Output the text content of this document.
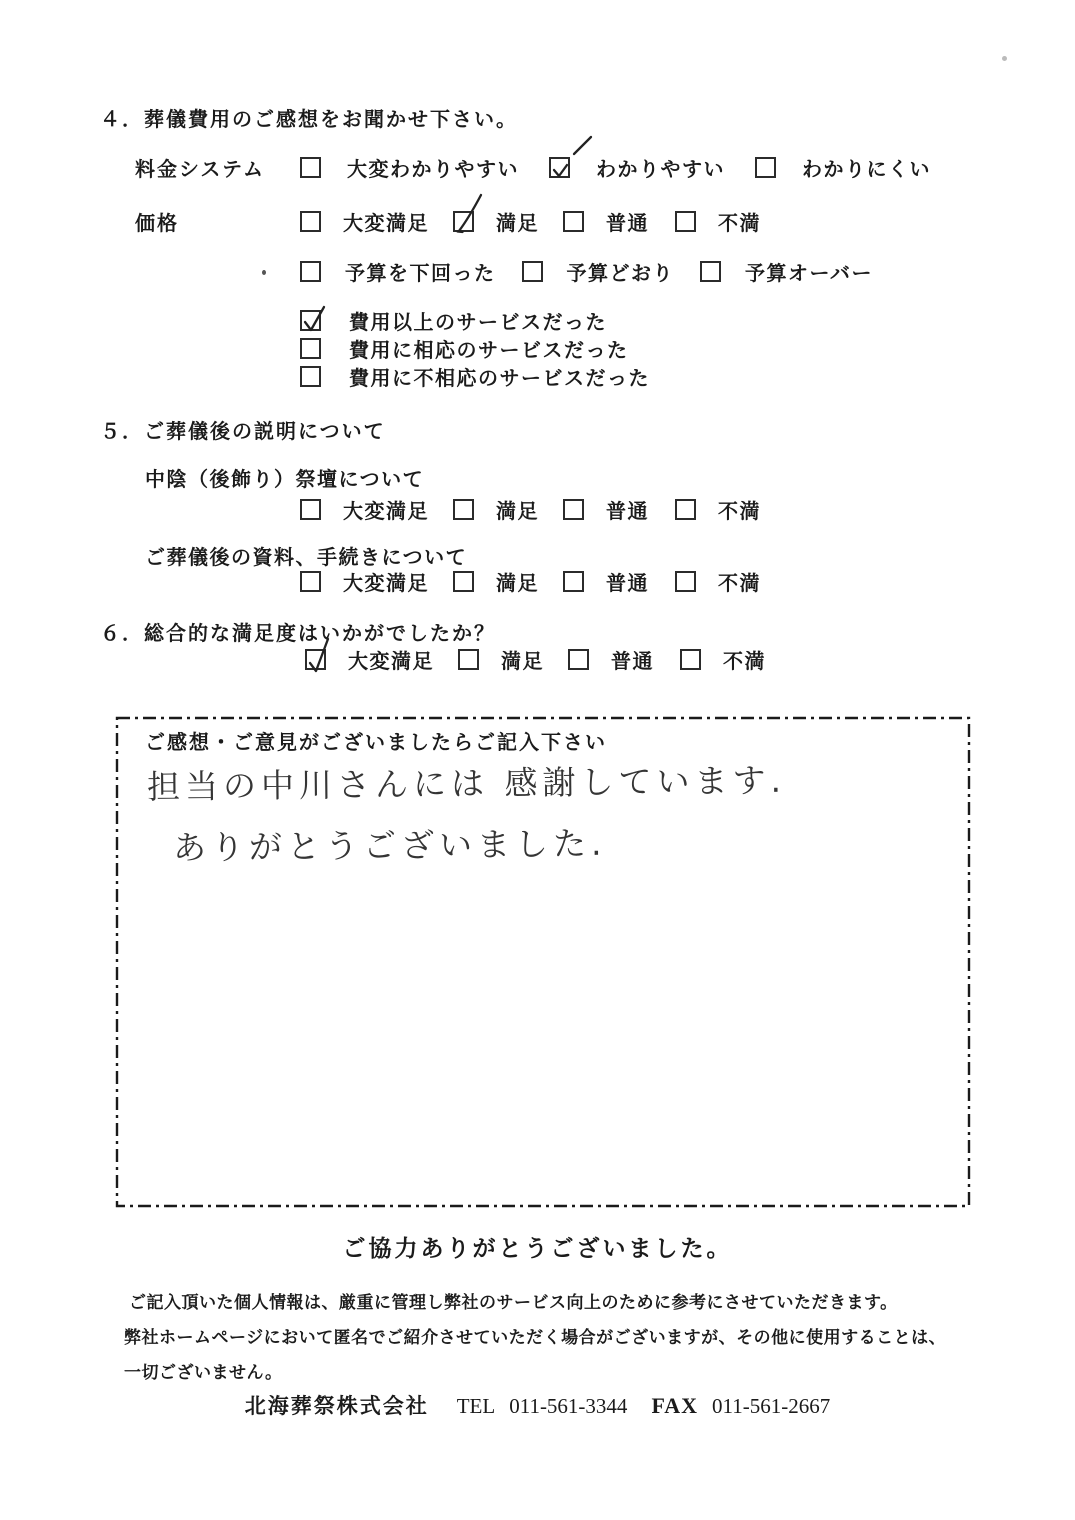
４．葬儀費用のご感想をお聞かせ下さい。
料金システム	大変わかりやすい	わかりやすい	わかりにくい
価格	大変満足	満足	普通	不満
予算を下回った	予算どおり	予算オーバー
費用以上のサービスだった
費用に相応のサービスだった
費用に不相応のサービスだった
５．ご葬儀後の説明について
中陰（後飾り）祭壇について
大変満足	満足	普通	不満
ご葬儀後の資料、手続きについて
大変満足	満足	普通	不満
６．総合的な満足度はいかがでしたか？
大変満足	満足	普通	不満
ご感想・ご意見がございましたらご記入下さい
担当の中川さんには 感謝しています.
ありがとうございました.
ご協力ありがとうございました。
ご記入頂いた個人情報は、厳重に管理し弊社のサービス向上のために参考にさせていただきます。
弊社ホームページにおいて匿名でご紹介させていただく場合がございますが、その他に使用することは、
一切ございません。
北海葬祭株式会社 TEL 011-561-3344 FAX 011-561-2667
